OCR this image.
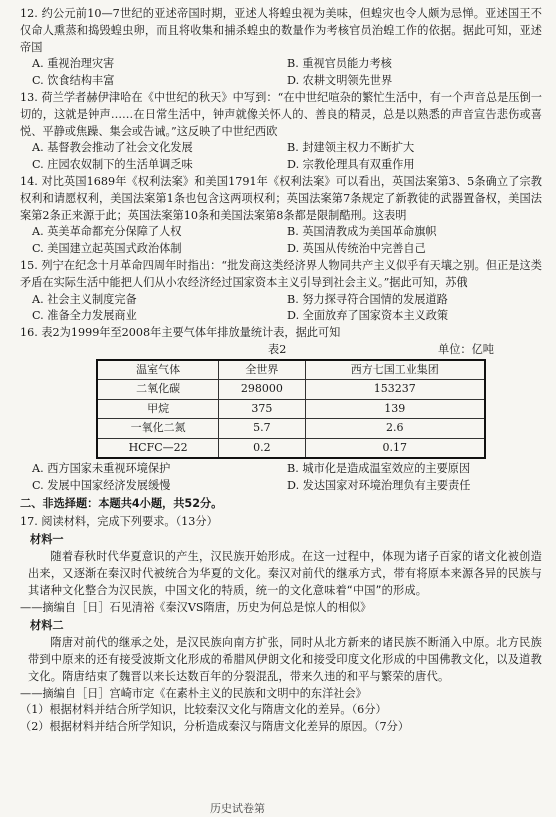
12. 约公元前10—7世纪的亚述帝国时期，亚述人将蝗虫视为美味，但蝗灾也令人颇为忌惮。亚述国王不仅命人熏蒸和捣毁蝗虫卵，而且将收集和捕杀蝗虫的数量作为考核官员治蝗工作的依据。据此可知，亚述帝国

A. 重视治理灾害	B. 重视官员能力考核
C. 饮食结构丰富	D. 农耕文明领先世界

13. 荷兰学者赫伊津哈在《中世纪的秋天》中写到：“在中世纪喧杂的繁忙生活中，有一个声音总是压倒一切的，这就是钟声……在日常生活中，钟声就像关怀人的、善良的精灵，总是以熟悉的声音宣告悲伤或喜悦、平静或焦躁、集会或告诫。”这反映了中世纪西欧

A. 基督教会推动了社会文化发展	B. 封建领主权力不断扩大
C. 庄园农奴制下的生活单调乏味	D. 宗教伦理具有双重作用

14. 对比英国1689年《权利法案》和美国1791年《权利法案》可以看出，英国法案第3、5条确立了宗教权利和请愿权利，美国法案第1条也包含这两项权利；英国法案第7条规定了新教徒的武器置备权，美国法案第2条正来源于此；英国法案第10条和美国法案第8条都是限制酷刑。这表明

A. 英美革命都充分保障了人权	B. 英国清教成为美国革命旗帜
C. 美国建立起英国式政治体制	D. 英国从传统治中完善自己

15. 列宁在纪念十月革命四周年时指出：“批发商这类经济界人物同共产主义似乎有天壤之别。但正是这类矛盾在实际生活中能把人们从小农经济经过国家资本主义引导到社会主义。”据此可知，苏俄

A. 社会主义制度完备	B. 努力探寻符合国情的发展道路
C. 准备全力发展商业	D. 全面放弃了国家资本主义政策

16. 表2为1999年至2008年主要气体年排放量统计表，据此可知

表2	单位：亿吨
温室气体	全世界	西方七国工业集团
二氧化碳	298000	153237
甲烷	375	139
一氧化二氮	5.7	2.6
HCFC—22	0.2	0.17
A. 西方国家未重视环境保护	B. 城市化是造成温室效应的主要原因
C. 发展中国家经济发展缓慢	D. 发达国家对环境治理负有主要责任
二、非选择题：本题共4小题，共52分。

17. 阅读材料，完成下列要求。（13分）

材料一

随着春秋时代华夏意识的产生，汉民族开始形成。在这一过程中，体现为诸子百家的诸文化被创造出来，又逐渐在秦汉时代被统合为华夏的文化。秦汉对前代的继承方式，带有将原本来源各异的民族与其诸种文化整合为汉民族，中国文化的特质，统一的文化意味着“中国”的形成。

——摘编自［日］石见清裕《秦汉VS隋唐，历史为何总是惊人的相似》

材料二

隋唐对前代的继承之处，是汉民族向南方扩张，同时从北方新来的诸民族不断涌入中原。北方民族带到中原来的还有接受波斯文化形成的希腊风伊朗文化和接受印度文化形成的中国佛教文化，以及道教文化。隋唐结束了魏晋以来长达数百年的分裂混乱，带来久违的和平与繁荣的唐代。

——摘编自［日］宫崎市定《在素朴主义的民族和文明中的东洋社会》

（1）根据材料并结合所学知识，比较秦汉文化与隋唐文化的差异。（6分）

（2）根据材料并结合所学知识，分析造成秦汉与隋唐文化差异的原因。（7分）

历史试卷第
